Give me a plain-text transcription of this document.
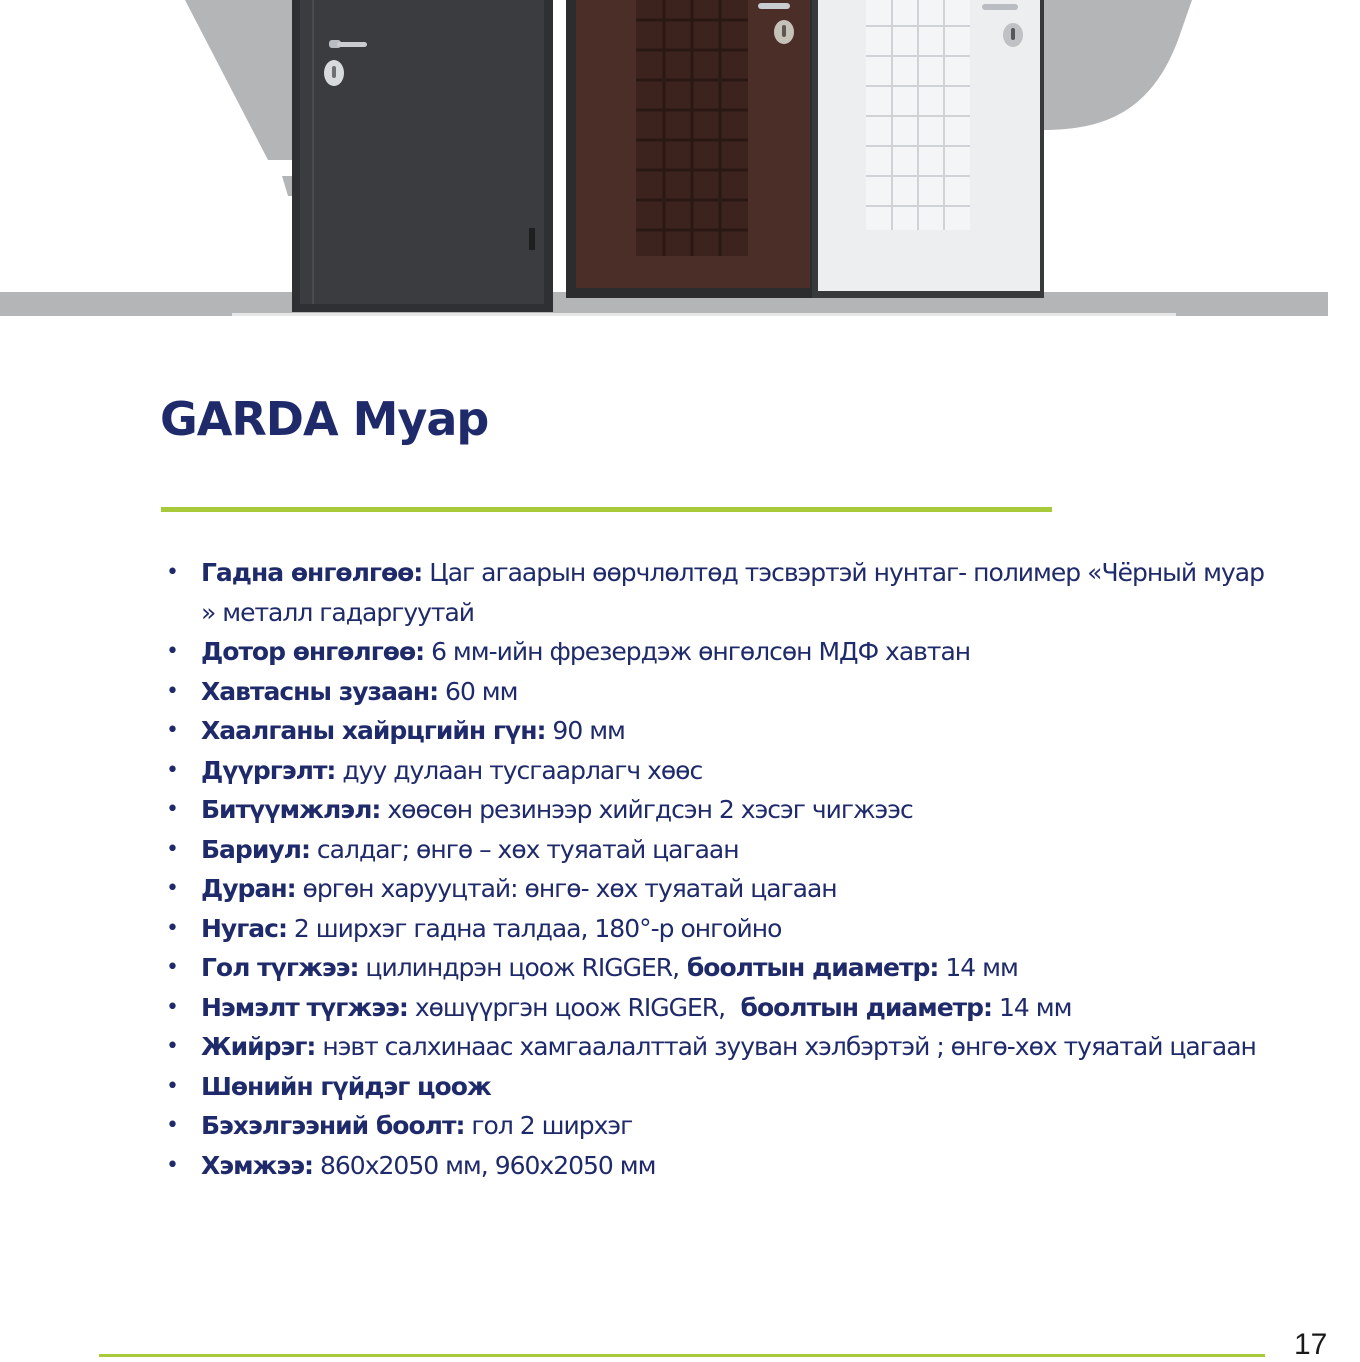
GARDA Муар
• Гадна өнгөлгөө: Цаг агаарын өөрчлөлтөд тэсвэртэй нунтаг- полимер «Чёрный муар » металл гадаргуутай
• Дотор өнгөлгөө: 6 мм-ийн фрезердэж өнгөлсөн МДФ хавтан
• Хавтасны зузаан: 60 мм
• Хаалганы хайрцгийн гүн: 90 мм
• Дүүргэлт: дуу дулаан тусгаарлагч хөөс
• Битүүмжлэл: хөөсөн резинээр хийгдсэн 2 хэсэг чигжээс
• Бариул: салдаг; өнгө – хөх туяатай цагаан
• Дуран: өргөн харууцтай: өнгө- хөх туяатай цагаан
• Нугас: 2 ширхэг гадна талдаа, 180°-р онгойно
• Гол түгжээ: цилиндрэн цоож RIGGER, боолтын диаметр: 14 мм
• Нэмэлт түгжээ: хөшүүргэн цоож RIGGER,  боолтын диаметр: 14 мм
• Жийрэг: нэвт салхинаас хамгаалалттай зууван хэлбэртэй ; өнгө-хөх туяатай цагаан
• Шөнийн гүйдэг цоож
• Бэхэлгээний боолт: гол 2 ширхэг
• Хэмжээ: 860х2050 мм, 960х2050 мм
17
